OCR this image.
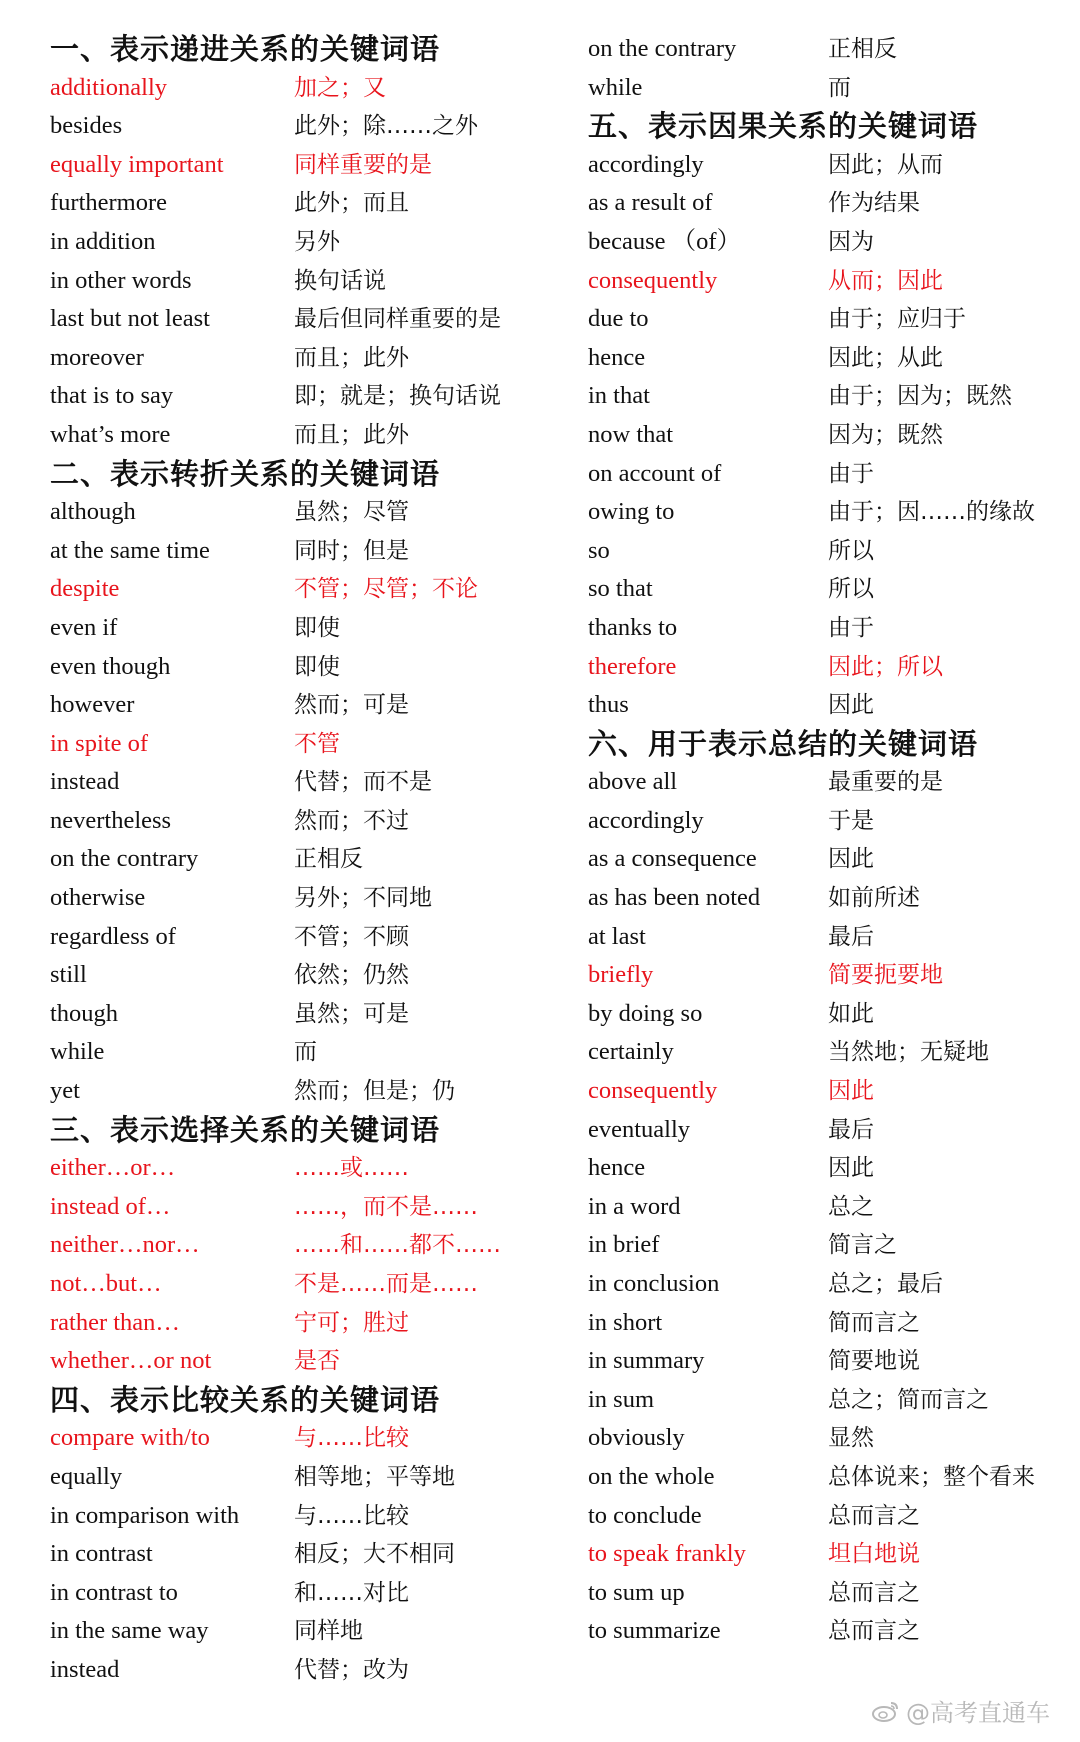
一、表示递进关系的关键词语
additionally	加之；又
besides	此外；除……之外
equally important	同样重要的是
furthermore	此外；而且
in addition	另外
in other words	换句话说
last but not least	最后但同样重要的是
moreover	而且；此外
that is to say	即；就是；换句话说
what’s more	而且；此外
二、表示转折关系的关键词语
although	虽然；尽管
at the same time	同时；但是
despite	不管；尽管；不论
even if	即使
even though	即使
however	然而；可是
in spite of	不管
instead	代替；而不是
nevertheless	然而；不过
on the contrary	正相反
otherwise	另外；不同地
regardless of	不管；不顾
still	依然；仍然
though	虽然；可是
while	而
yet	然而；但是；仍
三、表示选择关系的关键词语
either…or…	……或……
instead of…	……，而不是……
neither…nor…	……和……都不……
not…but…	不是……而是……
rather than…	宁可；胜过
whether…or not	是否
四、表示比较关系的关键词语
compare with/to	与……比较
equally	相等地；平等地
in comparison with 与……比较
in contrast	相反；大不相同
in contrast to	和……对比
in the same way	同样地
instead	代替；改为
on the contrary	正相反
while	而
五、表示因果关系的关键词语
accordingly	因此；从而
as a result of	作为结果
because （of）	因为
consequently	从而；因此
due to	由于；应归于
hence	因此；从此
in that	由于；因为；既然
now that	因为；既然
on account of	由于
owing to	由于；因……的缘故
so	所以
so that	所以
thanks to	由于
therefore	因此；所以
thus	因此
六、用于表示总结的关键词语
above all	最重要的是
accordingly	于是
as a consequence	因此
as has been noted	如前所述
at last	最后
briefly	简要扼要地
by doing so	如此
certainly	当然地；无疑地
consequently	因此
eventually	最后
hence	因此
in a word	总之
in brief	简言之
in conclusion	总之；最后
in short	简而言之
in summary	简要地说
in sum	总之；简而言之
obviously	显然
on the whole	总体说来；整个看来
to conclude	总而言之
to speak frankly	坦白地说
to sum up	总而言之
to summarize	总而言之
@高考直通车
